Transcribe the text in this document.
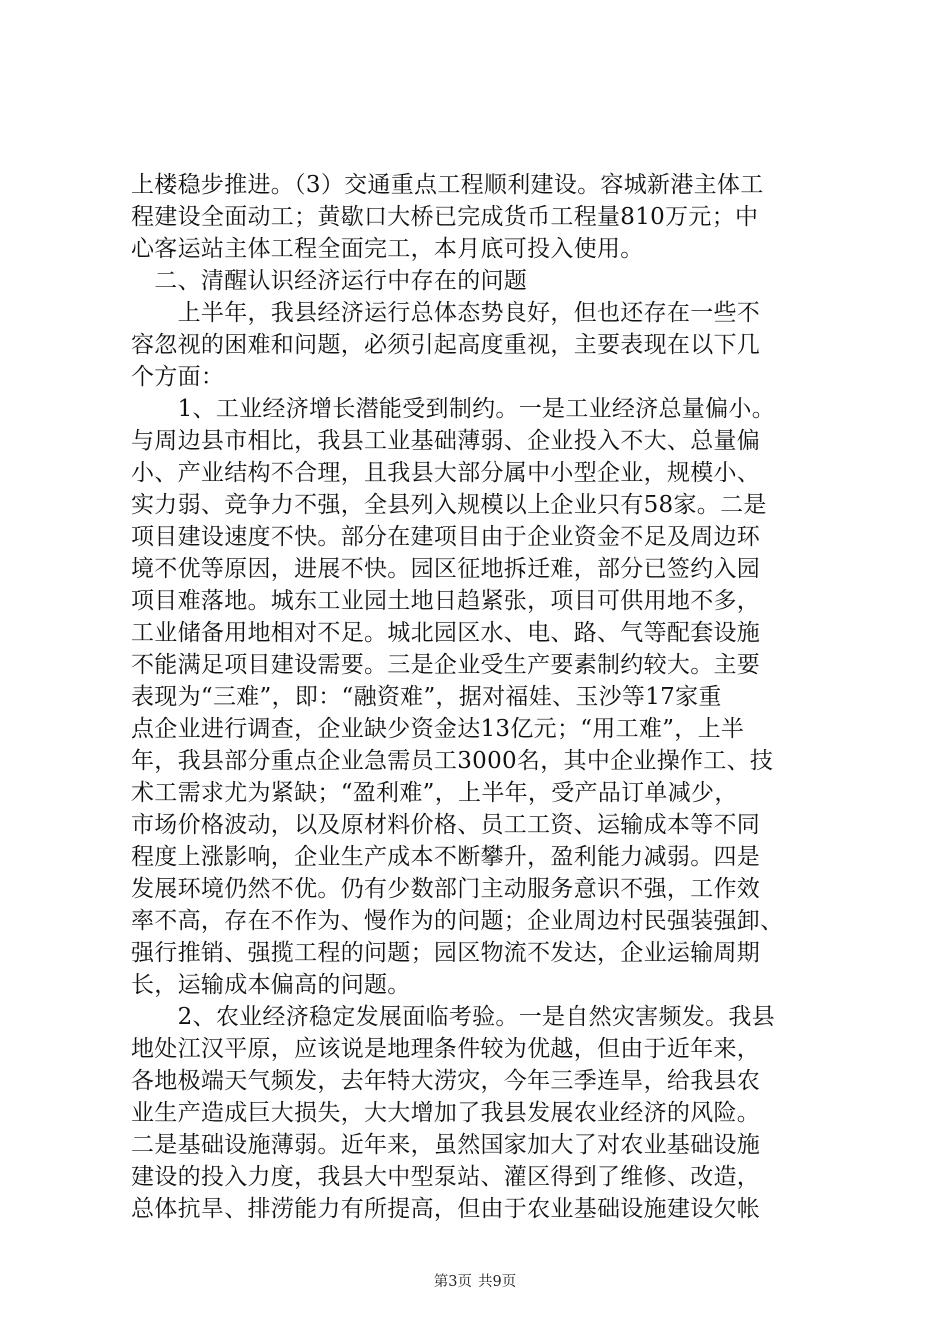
上楼稳步推进。（3）交通重点工程顺利建设。容城新港主体工
程建设全面动工；黄歇口大桥已完成货币工程量810万元；中
心客运站主体工程全面完工，本月底可投入使用。
　二、清醒认识经济运行中存在的问题
　　上半年，我县经济运行总体态势良好，但也还存在一些不
容忽视的困难和问题，必须引起高度重视，主要表现在以下几
个方面：
　　1、工业经济增长潜能受到制约。一是工业经济总量偏小。
与周边县市相比，我县工业基础薄弱、企业投入不大、总量偏
小、产业结构不合理，且我县大部分属中小型企业，规模小、
实力弱、竞争力不强，全县列入规模以上企业只有58家。二是
项目建设速度不快。部分在建项目由于企业资金不足及周边环
境不优等原因，进展不快。园区征地拆迁难，部分已签约入园
项目难落地。城东工业园土地日趋紧张，项目可供用地不多，
工业储备用地相对不足。城北园区水、电、路、气等配套设施
不能满足项目建设需要。三是企业受生产要素制约较大。主要
表现为“三难”，即：“融资难”，据对福娃、玉沙等17家重
点企业进行调查，企业缺少资金达13亿元；“用工难”，上半
年，我县部分重点企业急需员工3000名，其中企业操作工、技
术工需求尤为紧缺；“盈利难”，上半年，受产品订单减少，
市场价格波动，以及原材料价格、员工工资、运输成本等不同
程度上涨影响，企业生产成本不断攀升，盈利能力减弱。四是
发展环境仍然不优。仍有少数部门主动服务意识不强，工作效
率不高，存在不作为、慢作为的问题；企业周边村民强装强卸、
强行推销、强揽工程的问题；园区物流不发达，企业运输周期
长，运输成本偏高的问题。
　　2、农业经济稳定发展面临考验。一是自然灾害频发。我县
地处江汉平原，应该说是地理条件较为优越，但由于近年来，
各地极端天气频发，去年特大涝灾，今年三季连旱，给我县农
业生产造成巨大损失，大大增加了我县发展农业经济的风险。
二是基础设施薄弱。近年来，虽然国家加大了对农业基础设施
建设的投入力度，我县大中型泵站、灌区得到了维修、改造，
总体抗旱、排涝能力有所提高，但由于农业基础设施建设欠帐
第3页 共9页
